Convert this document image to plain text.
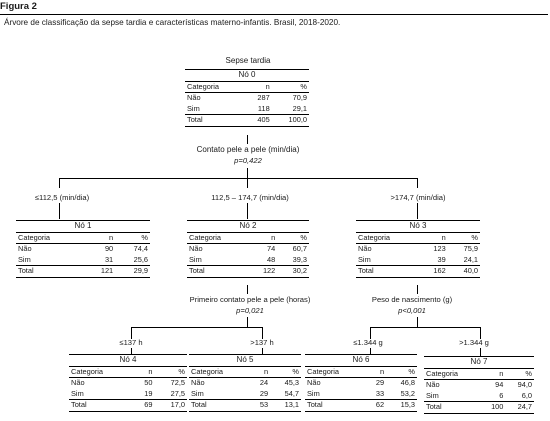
Figura 2
Árvore de classificação da sepse tardia e características materno-infantis. Brasil, 2018-2020.
Sepse tardia
Nó 0		
Categoria	n	%
Não	287	70,9
Sim	118	29,1
Total	405	100,0
Contato pele a pele (min/dia)
p=0,422
≤112,5 (min/dia)	112,5 – 174,7 (min/dia)	>174,7 (min/dia)
Nó 1		
Categoria	n	%
Não	90	74,4
Sim	31	25,6
Total	121	29,9
Nó 2		
Categoria	n	%
Não	74	60,7
Sim	48	39,3
Total	122	30,2
Nó 3		
Categoria	n	%
Não	123	75,9
Sim	39	24,1
Total	162	40,0
Primeiro contato pele a pele (horas)
p=0,021
≤137 h	>137 h
Peso de nascimento (g)
p<0,001
≤1.344 g	>1.344 g
Nó 4		
Categoria	n	%
Não	50	72,5
Sim	19	27,5
Total	69	17,0
Nó 5		
Categoria	n	%
Não	24	45,3
Sim	29	54,7
Total	53	13,1
Nó 6		
Categoria	n	%
Não	29	46,8
Sim	33	53,2
Total	62	15,3
Nó 7		
Categoria	n	%
Não	94	94,0
Sim	6	6,0
Total	100	24,7
